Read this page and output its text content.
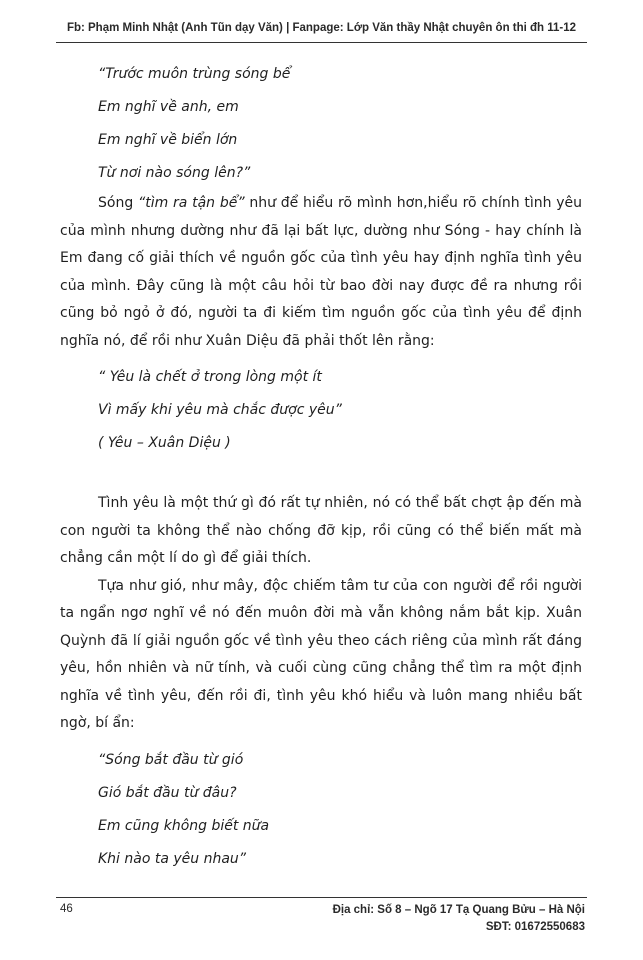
Fb: Phạm Minh Nhật (Anh Tũn dạy Văn) | Fanpage: Lớp Văn thầy Nhật chuyên ôn thi đh 11-12
“Trước muôn trùng sóng bể
Em nghĩ về anh, em
Em nghĩ về biển lớn
Từ nơi nào sóng lên?”

Sóng “tìm ra tận bể” như để hiểu rõ mình hơn,hiểu rõ chính tình yêu của mình nhưng dường như đã lại bất lực, dường như Sóng - hay chính là Em đang cố giải thích về nguồn gốc của tình yêu hay định nghĩa tình yêu của mình. Đây cũng là một câu hỏi từ bao đời nay được đề ra nhưng rồi cũng bỏ ngỏ ở đó, người ta đi kiếm tìm nguồn gốc của tình yêu để định nghĩa nó, để rồi như Xuân Diệu đã phải thốt lên rằng:

“ Yêu là chết ở trong lòng một ít
Vì mấy khi yêu mà chắc được yêu”
( Yêu – Xuân Diệu )

Tình yêu là một thứ gì đó rất tự nhiên, nó có thể bất chợt ập đến mà con người ta không thể nào chống đỡ kịp, rồi cũng có thể biến mất mà chẳng cần một lí do gì để giải thích.

Tựa như gió, như mây, độc chiếm tâm tư của con người để rồi người ta ngẩn ngơ nghĩ về nó đến muôn đời mà vẫn không nắm bắt kịp. Xuân Quỳnh đã lí giải nguồn gốc về tình yêu theo cách riêng của mình rất đáng yêu, hồn nhiên và nữ tính, và cuối cùng cũng chẳng thể tìm ra một định nghĩa về tình yêu, đến rồi đi, tình yêu khó hiểu và luôn mang nhiều bất ngờ, bí ẩn:

“Sóng bắt đầu từ gió
Gió bắt đầu từ đâu?
Em cũng không biết nữa
Khi nào ta yêu nhau”
46	Địa chỉ: Số 8 – Ngõ 17 Tạ Quang Bửu – Hà Nội
SĐT: 01672550683
